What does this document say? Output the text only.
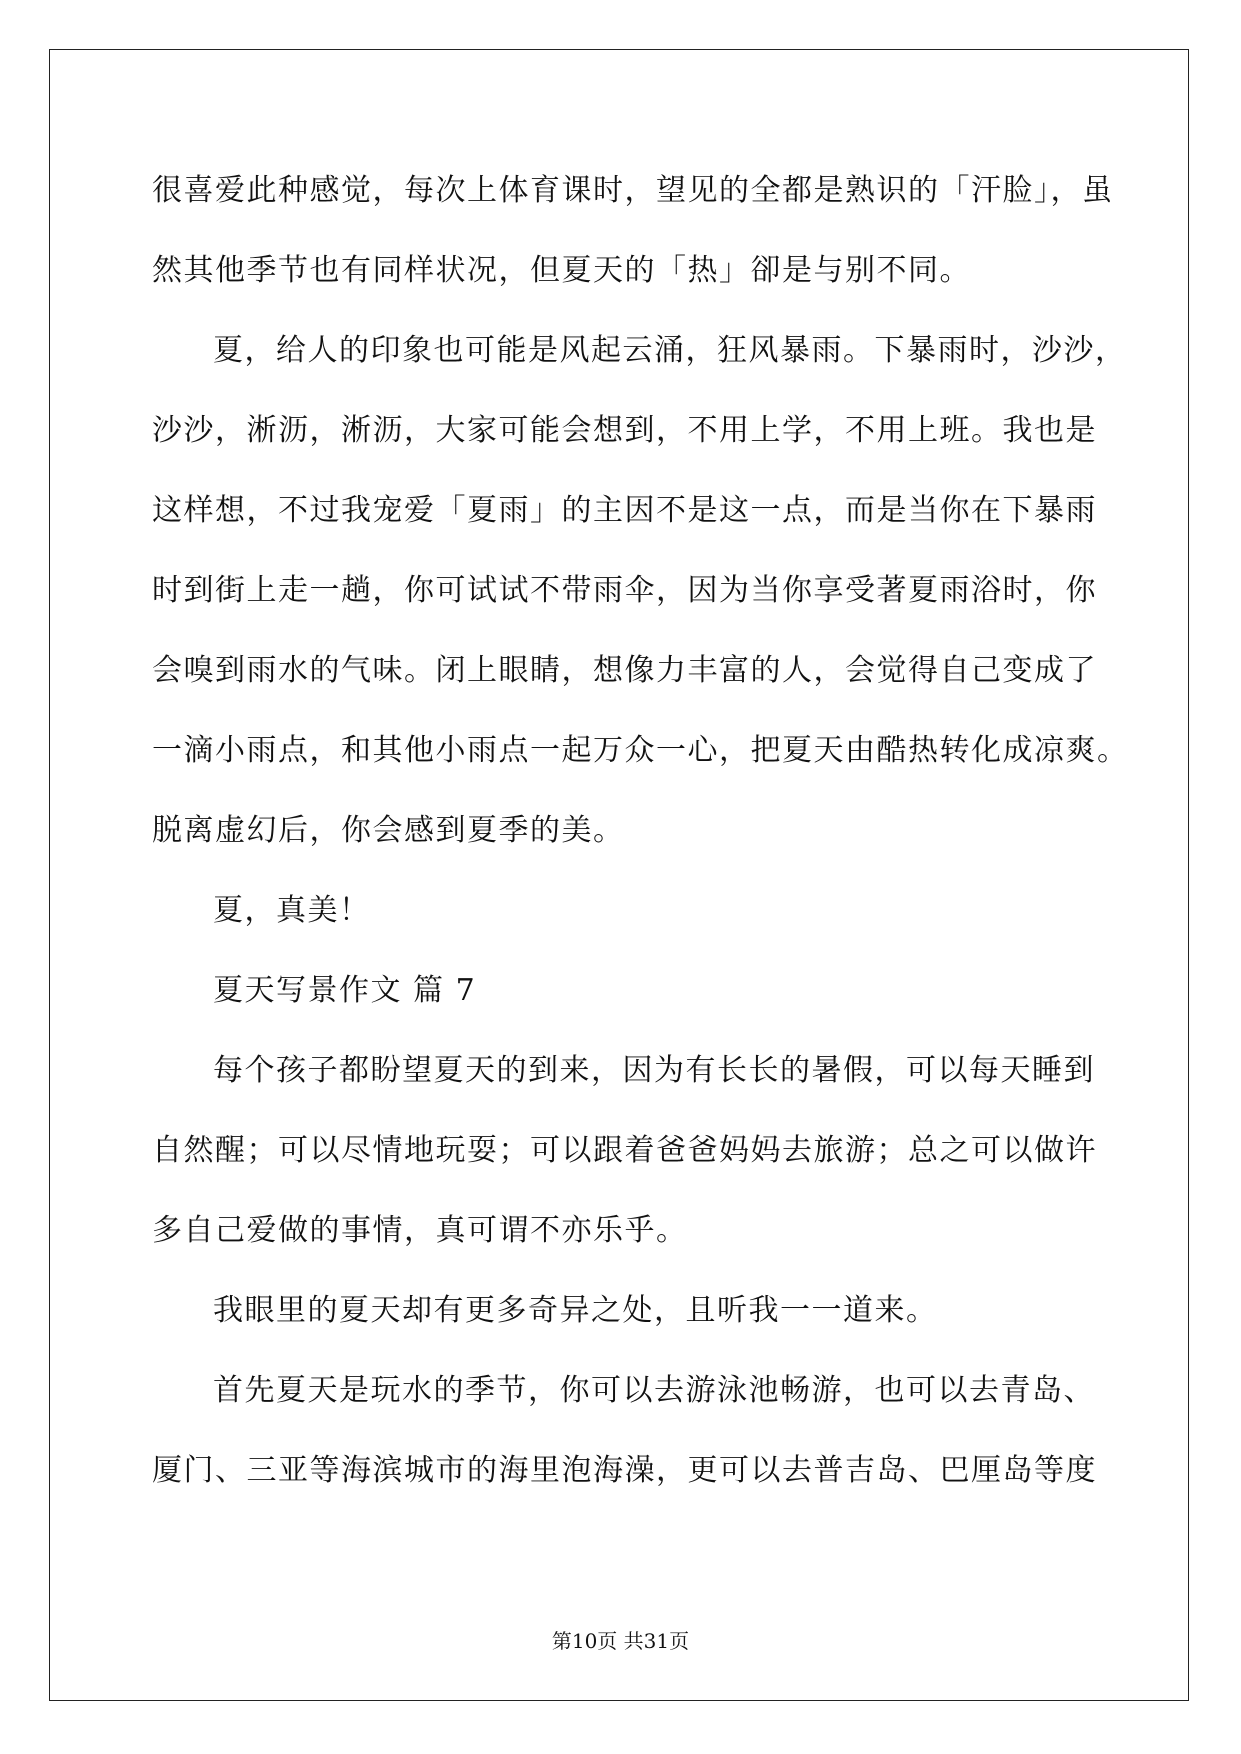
很喜爱此种感觉，每次上体育课时，望见的全都是熟识的「汗脸」，虽

然其他季节也有同样状况，但夏天的「热」卻是与别不同。

夏，给人的印象也可能是风起云涌，狂风暴雨。下暴雨时，沙沙，

沙沙，淅沥，淅沥，大家可能会想到，不用上学，不用上班。我也是

这样想，不过我宠爱「夏雨」的主因不是这一点，而是当你在下暴雨

时到街上走一趟，你可试试不带雨伞，因为当你享受著夏雨浴时，你

会嗅到雨水的气味。闭上眼睛，想像力丰富的人，会觉得自己变成了

一滴小雨点，和其他小雨点一起万众一心，把夏天由酷热转化成凉爽。

脱离虚幻后，你会感到夏季的美。

夏，真美！

夏天写景作文 篇 7

每个孩子都盼望夏天的到来，因为有长长的暑假，可以每天睡到

自然醒；可以尽情地玩耍；可以跟着爸爸妈妈去旅游；总之可以做许

多自己爱做的事情，真可谓不亦乐乎。

我眼里的夏天却有更多奇异之处，且听我一一道来。

首先夏天是玩水的季节，你可以去游泳池畅游，也可以去青岛、

厦门、三亚等海滨城市的海里泡海澡，更可以去普吉岛、巴厘岛等度

第10页 共31页
